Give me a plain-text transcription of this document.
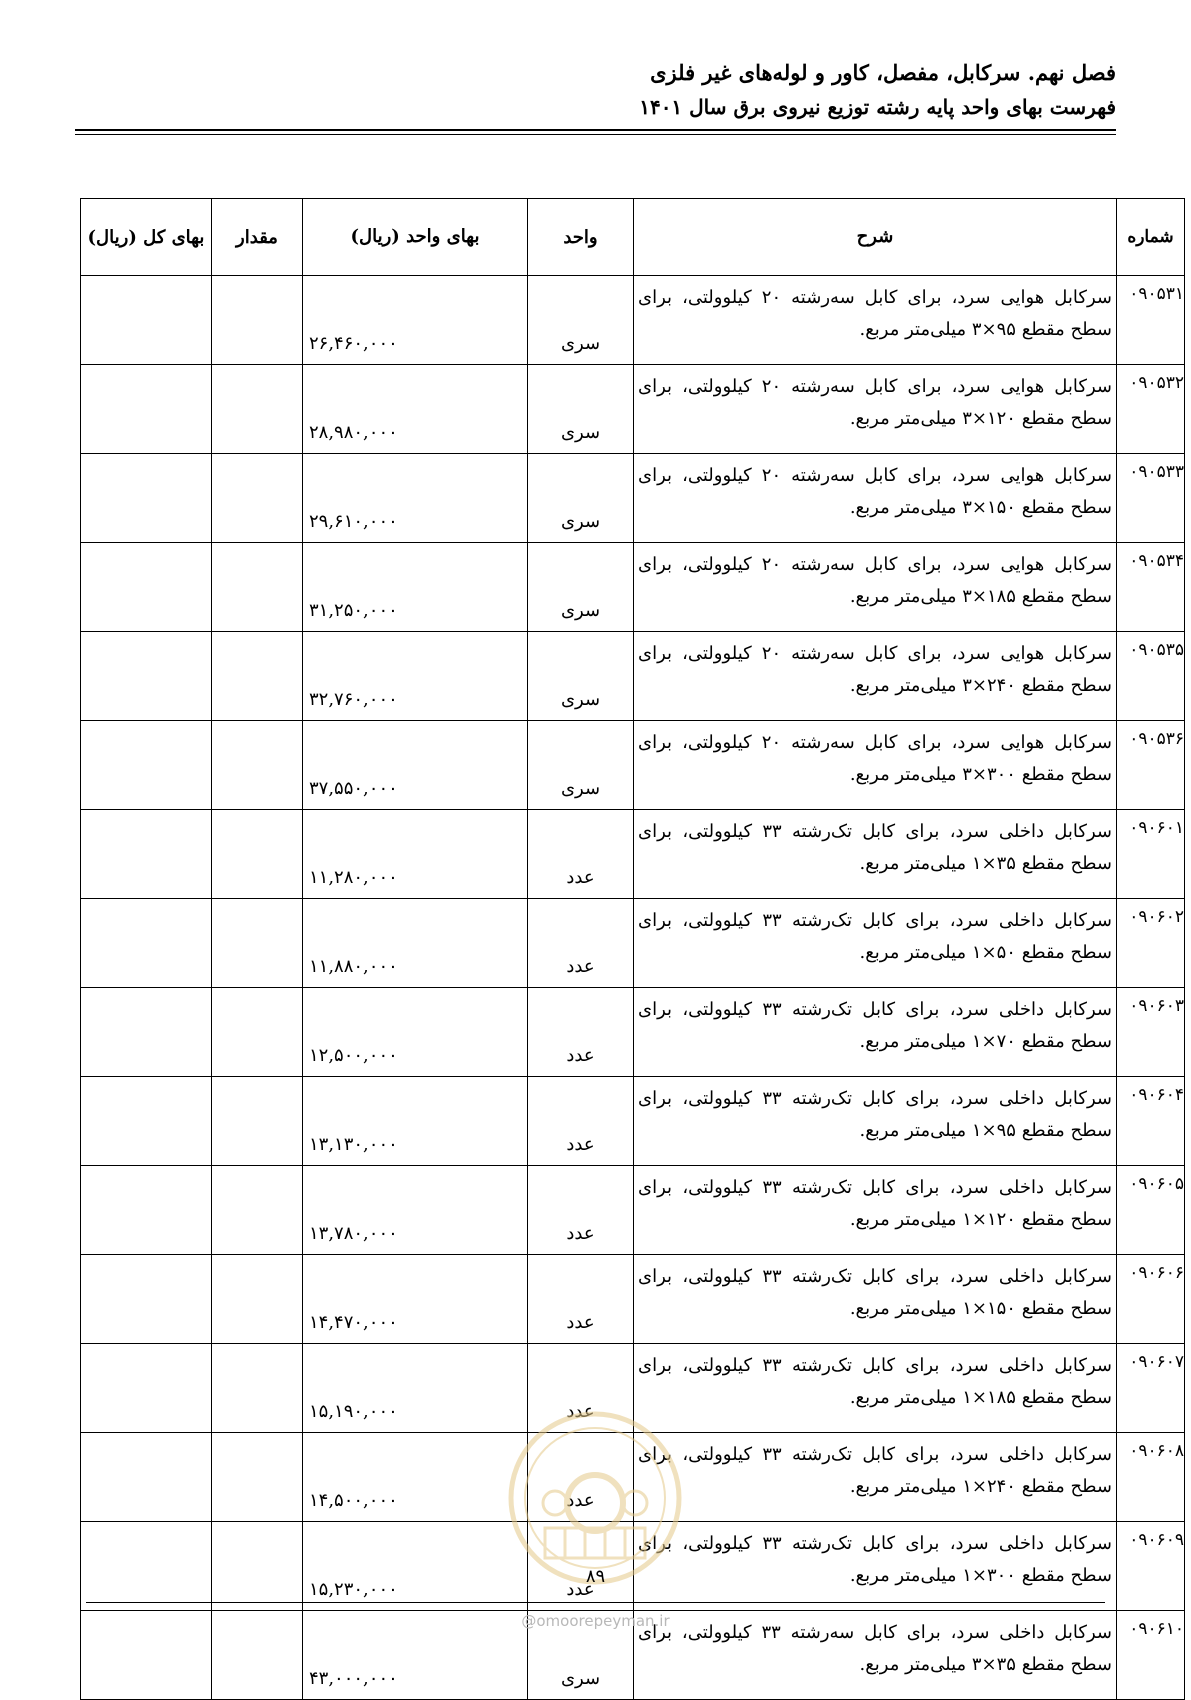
فصل نهم. سرکابل، مفصل، کاور و لوله‌های غیر فلزی
فهرست بهای واحد پایه رشته توزیع نیروی برق سال ۱۴۰۱
شماره	شرح	واحد	بهای واحد (ریال)	مقدار	بهای کل (ریال)
۰۹۰۵۳۱	سرکابل هوایی سرد، برای کابل سه‌رشته ۲۰ کیلوولتی، برای سطح مقطع ۹۵×۳ میلی‌متر مربع.	سری	۲۶,۴۶۰,۰۰۰		
۰۹۰۵۳۲	سرکابل هوایی سرد، برای کابل سه‌رشته ۲۰ کیلوولتی، برای سطح مقطع ۱۲۰×۳ میلی‌متر مربع.	سری	۲۸,۹۸۰,۰۰۰		
۰۹۰۵۳۳	سرکابل هوایی سرد، برای کابل سه‌رشته ۲۰ کیلوولتی، برای سطح مقطع ۱۵۰×۳ میلی‌متر مربع.	سری	۲۹,۶۱۰,۰۰۰		
۰۹۰۵۳۴	سرکابل هوایی سرد، برای کابل سه‌رشته ۲۰ کیلوولتی، برای سطح مقطع ۱۸۵×۳ میلی‌متر مربع.	سری	۳۱,۲۵۰,۰۰۰		
۰۹۰۵۳۵	سرکابل هوایی سرد، برای کابل سه‌رشته ۲۰ کیلوولتی، برای سطح مقطع ۲۴۰×۳ میلی‌متر مربع.	سری	۳۲,۷۶۰,۰۰۰		
۰۹۰۵۳۶	سرکابل هوایی سرد، برای کابل سه‌رشته ۲۰ کیلوولتی، برای سطح مقطع ۳۰۰×۳ میلی‌متر مربع.	سری	۳۷,۵۵۰,۰۰۰		
۰۹۰۶۰۱	سرکابل داخلی سرد، برای کابل تک‌رشته ۳۳ کیلوولتی، برای سطح مقطع ۳۵×۱ میلی‌متر مربع.	عدد	۱۱,۲۸۰,۰۰۰		
۰۹۰۶۰۲	سرکابل داخلی سرد، برای کابل تک‌رشته ۳۳ کیلوولتی، برای سطح مقطع ۵۰×۱ میلی‌متر مربع.	عدد	۱۱,۸۸۰,۰۰۰		
۰۹۰۶۰۳	سرکابل داخلی سرد، برای کابل تک‌رشته ۳۳ کیلوولتی، برای سطح مقطع ۷۰×۱ میلی‌متر مربع.	عدد	۱۲,۵۰۰,۰۰۰		
۰۹۰۶۰۴	سرکابل داخلی سرد، برای کابل تک‌رشته ۳۳ کیلوولتی، برای سطح مقطع ۹۵×۱ میلی‌متر مربع.	عدد	۱۳,۱۳۰,۰۰۰		
۰۹۰۶۰۵	سرکابل داخلی سرد، برای کابل تک‌رشته ۳۳ کیلوولتی، برای سطح مقطع ۱۲۰×۱ میلی‌متر مربع.	عدد	۱۳,۷۸۰,۰۰۰		
۰۹۰۶۰۶	سرکابل داخلی سرد، برای کابل تک‌رشته ۳۳ کیلوولتی، برای سطح مقطع ۱۵۰×۱ میلی‌متر مربع.	عدد	۱۴,۴۷۰,۰۰۰		
۰۹۰۶۰۷	سرکابل داخلی سرد، برای کابل تک‌رشته ۳۳ کیلوولتی، برای سطح مقطع ۱۸۵×۱ میلی‌متر مربع.	عدد	۱۵,۱۹۰,۰۰۰		
۰۹۰۶۰۸	سرکابل داخلی سرد، برای کابل تک‌رشته ۳۳ کیلوولتی، برای سطح مقطع ۲۴۰×۱ میلی‌متر مربع.	عدد	۱۴,۵۰۰,۰۰۰		
۰۹۰۶۰۹	سرکابل داخلی سرد، برای کابل تک‌رشته ۳۳ کیلوولتی، برای سطح مقطع ۳۰۰×۱ میلی‌متر مربع.	عدد	۱۵,۲۳۰,۰۰۰		
۰۹۰۶۱۰	سرکابل داخلی سرد، برای کابل سه‌رشته ۳۳ کیلوولتی، برای سطح مقطع ۳۵×۳ میلی‌متر مربع.	سری	۴۳,۰۰۰,۰۰۰		
۸۹
@omoorepeyman.ir
